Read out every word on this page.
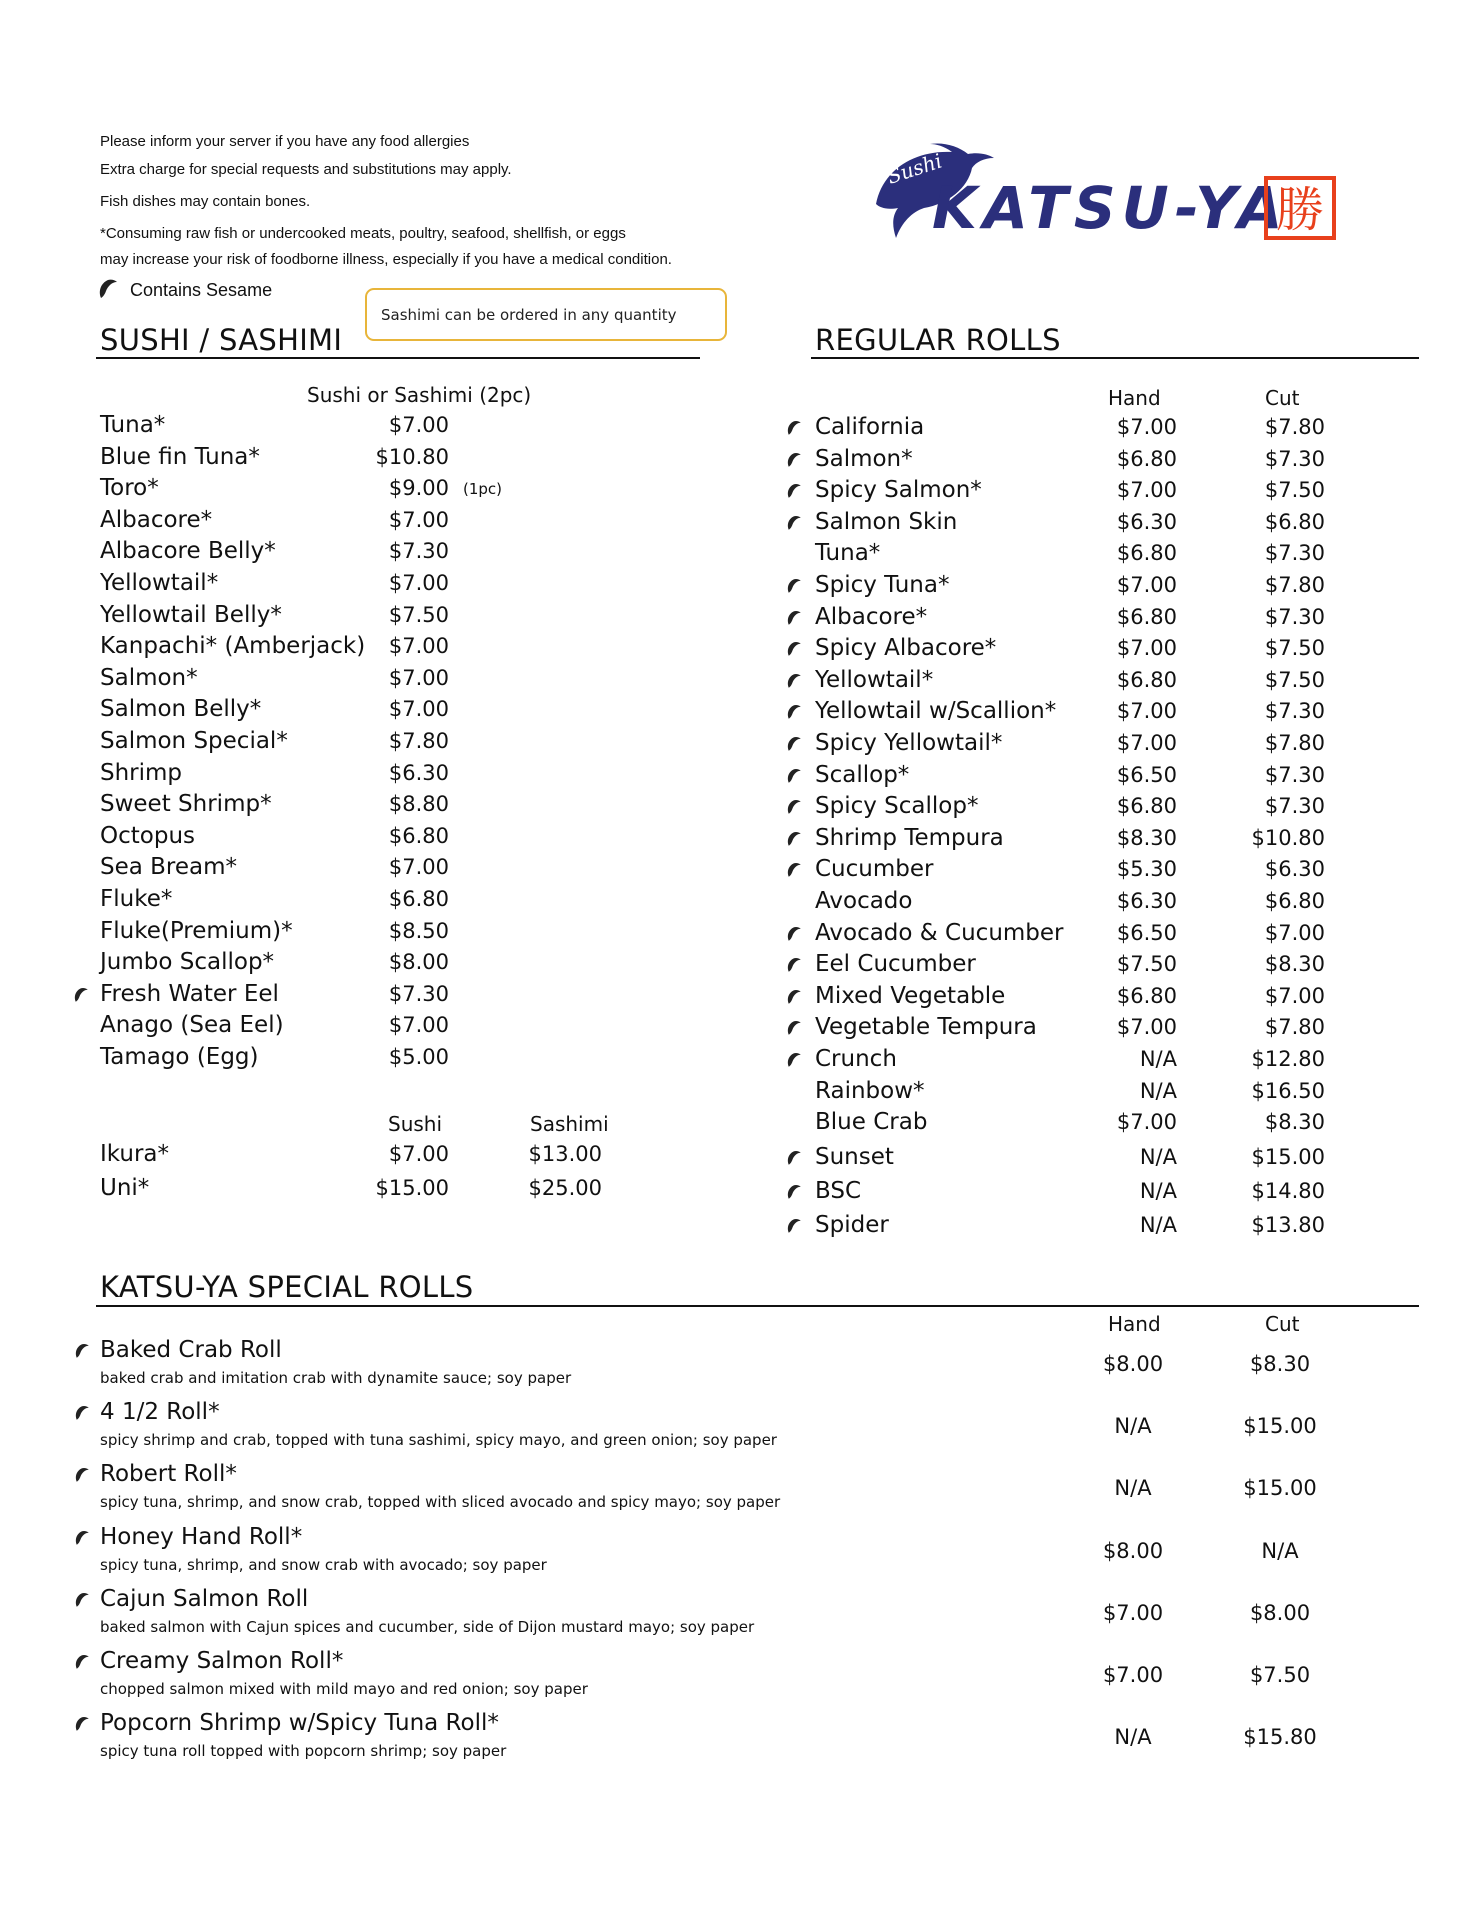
Please inform your server if you have any food allergies
Extra charge for special requests and substitutions may apply.
Fish dishes may contain bones.
*Consuming raw fish or undercooked meats, poultry, seafood, shellfish, or eggs
may increase your risk of foodborne illness, especially if you have a medical condition.
Contains Sesame
Sashimi can be ordered in any quantity
Sushi
KATSU-YA
勝
SUSHI / SASHIMI	REGULAR ROLLS
KATSU-YA SPECIAL ROLLS
Sushi or Sashimi (2pc)	Hand	Cut
Hand	Cut
Sushi	Sashimi
Tuna*	$7.00
Blue fin Tuna*	$10.80
Toro*	$9.00 (1pc)
Albacore*	$7.00
Albacore Belly*	$7.30
Yellowtail*	$7.00
Yellowtail Belly*	$7.50
Kanpachi* (Amberjack) $7.00
Salmon*	$7.00
Salmon Belly*	$7.00
Salmon Special*	$7.80
Shrimp	$6.30
Sweet Shrimp*	$8.80
Octopus	$6.80
Sea Bream*	$7.00
Fluke*	$6.80
Fluke(Premium)*	$8.50
Jumbo Scallop*	$8.00
Fresh Water Eel	$7.30
Anago (Sea Eel)	$7.00
Tamago (Egg)	$5.00
Ikura*	$7.00	$13.00
Uni*	$15.00	$25.00
California	$7.00	$7.80
Salmon*	$6.80	$7.30
Spicy Salmon*	$7.00	$7.50
Salmon Skin	$6.30	$6.80
Tuna*	$6.80	$7.30
Spicy Tuna*	$7.00	$7.80
Albacore*	$6.80	$7.30
Spicy Albacore*	$7.00	$7.50
Yellowtail*	$6.80	$7.50
Yellowtail w/Scallion*	$7.00	$7.30
Spicy Yellowtail*	$7.00	$7.80
Scallop*	$6.50	$7.30
Spicy Scallop*	$6.80	$7.30
Shrimp Tempura	$8.30	$10.80
Cucumber	$5.30	$6.30
Avocado	$6.30	$6.80
Avocado & Cucumber	$6.50	$7.00
Eel Cucumber	$7.50	$8.30
Mixed Vegetable	$6.80	$7.00
Vegetable Tempura	$7.00	$7.80
Crunch	N/A	$12.80
Rainbow*	N/A	$16.50
Blue Crab	$7.00	$8.30
Sunset	N/A	$15.00
BSC	N/A	$14.80
Spider	N/A	$13.80
Baked Crab Roll
baked crab and imitation crab with dynamite sauce; soy paper
$8.00	$8.30
4 1/2 Roll*
spicy shrimp and crab, topped with tuna sashimi, spicy mayo, and green onion; soy paper
N/A	$15.00
Robert Roll*
spicy tuna, shrimp, and snow crab, topped with sliced avocado and spicy mayo; soy paper
N/A	$15.00
Honey Hand Roll*
spicy tuna, shrimp, and snow crab with avocado; soy paper
$8.00	N/A
Cajun Salmon Roll
baked salmon with Cajun spices and cucumber, side of Dijon mustard mayo; soy paper
$7.00	$8.00
Creamy Salmon Roll*
chopped salmon mixed with mild mayo and red onion; soy paper
$7.00	$7.50
Popcorn Shrimp w/Spicy Tuna Roll*
spicy tuna roll topped with popcorn shrimp; soy paper
N/A	$15.80
